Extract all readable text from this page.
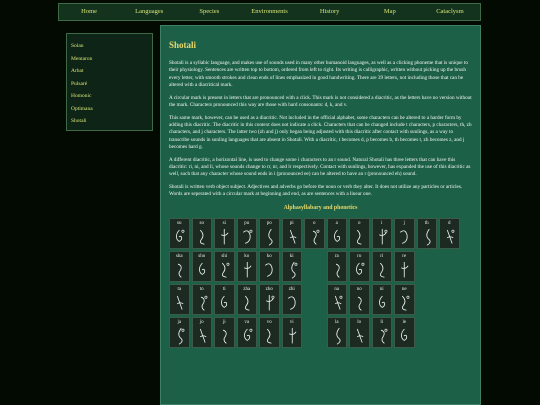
Home	Languages	Species	Environments	History	Map	Cataclysm
Solan
Mentaron
Arbat
Pulsaré
Homonic
Optimana
Shotali
Shotali

Shotali is a syllabic language, and makes use of sounds used in many other humanoid languages, as well as a clicking phoneme that is unique to their physiology. Sentences are written top to bottom, ordered from left to right. Its writing is calligraphic, written without picking up the brush every letter, with smooth strokes and clean ends of lines emphasized in good handwriting. There are 39 letters, not including those that can be altered with a diacritical mark.

A circular mark is present in letters that are pronounced with a click. This mark is not considered a diacritic, as the letters have no version without the mark. Characters pronounced this way are those with hard consonants: d, k, and v.

This same mark, however, can be used as a diacritic. Not included in the official alphabet, some characters can be altered to a harder form by adding this diacritic. The diacritic in this context does not indicate a click. Characters that can be changed include t characters, p characters, th, zh characters, and j characters. The latter two (zh and j) only began being adjusted with this diacritic after contact with sunlings, as a way to transcribe sounds in sunling languages that are absent in Shotali. With a diacritic, t becomes d, p becomes b, th becomes t, zh becomes z, and j becomes hard g.

A different diacritic, a horizontal line, is used to change some i characters to an r sound. Natural Shotali has three letters that can have this diacritic: ri, ni, and li, whose sounds change to rr, nr, and lr respectively. Contact with sunlings, however, has expanded the use of this diacritic as well, such that any character whose sound ends in i (pronounced ee) can be altered to have an r (pronounced eh) sound.

Shotali is written verb object subject. Adjectives and adverbs go before the noun or verb they alter. It does not utilize any particles or articles. Words are seperated with a circular mark at beginning and end, as are sentences with a linear one.

Alphasyllabary and phonetics
su	so	si	pu	po	pi	o	a	o	i	j	th	d
sha	sho	shi	ko	ko	ki	ra	ro	ri	re
ta	to	ti	zha	zho	zhi	na	no	ni	ne
ja	jo	ji	va	vo	vi	la	lo	li	le
